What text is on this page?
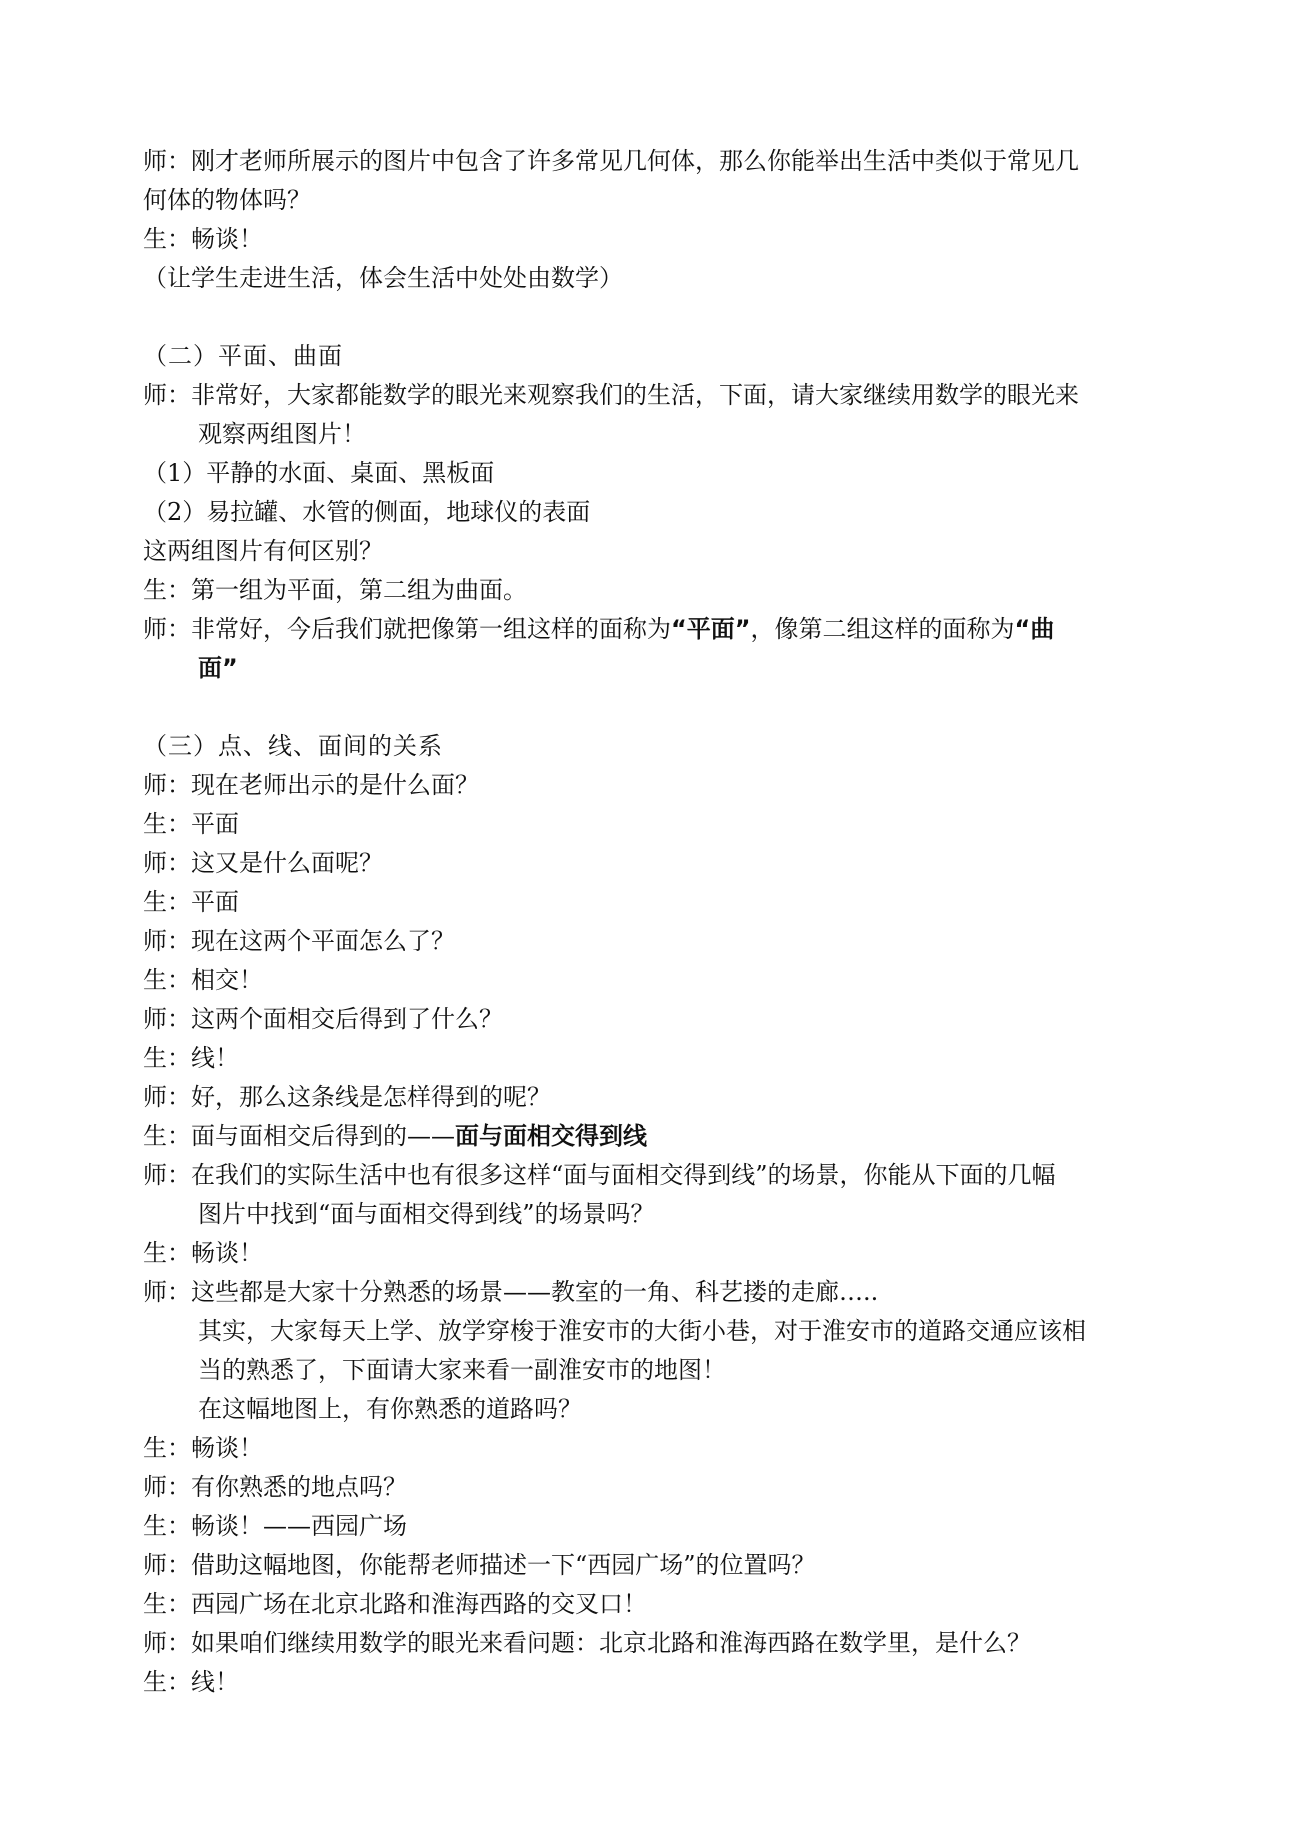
师：刚才老师所展示的图片中包含了许多常见几何体，那么你能举出生活中类似于常见几
何体的物体吗？
生：畅谈！
（让学生走进生活，体会生活中处处由数学）
（二）平面、曲面
师：非常好，大家都能数学的眼光来观察我们的生活，下面，请大家继续用数学的眼光来
观察两组图片！
（1）平静的水面、桌面、黑板面
（2）易拉罐、水管的侧面，地球仪的表面
这两组图片有何区别？
生：第一组为平面，第二组为曲面。
师：非常好，今后我们就把像第一组这样的面称为“平面”，像第二组这样的面称为“曲
面”
（三）点、线、面间的关系
师：现在老师出示的是什么面？
生：平面
师：这又是什么面呢？
生：平面
师：现在这两个平面怎么了？
生：相交！
师：这两个面相交后得到了什么？
生：线！
师：好，那么这条线是怎样得到的呢？
生：面与面相交后得到的——面与面相交得到线
师：在我们的实际生活中也有很多这样“面与面相交得到线”的场景，你能从下面的几幅
图片中找到“面与面相交得到线”的场景吗？
生：畅谈！
师：这些都是大家十分熟悉的场景——教室的一角、科艺搂的走廊…..
其实，大家每天上学、放学穿梭于淮安市的大街小巷，对于淮安市的道路交通应该相
当的熟悉了，下面请大家来看一副淮安市的地图！
在这幅地图上，有你熟悉的道路吗？
生：畅谈！
师：有你熟悉的地点吗？
生：畅谈！——西园广场
师：借助这幅地图，你能帮老师描述一下“西园广场”的位置吗？
生：西园广场在北京北路和淮海西路的交叉口！
师：如果咱们继续用数学的眼光来看问题：北京北路和淮海西路在数学里，是什么？
生：线！
